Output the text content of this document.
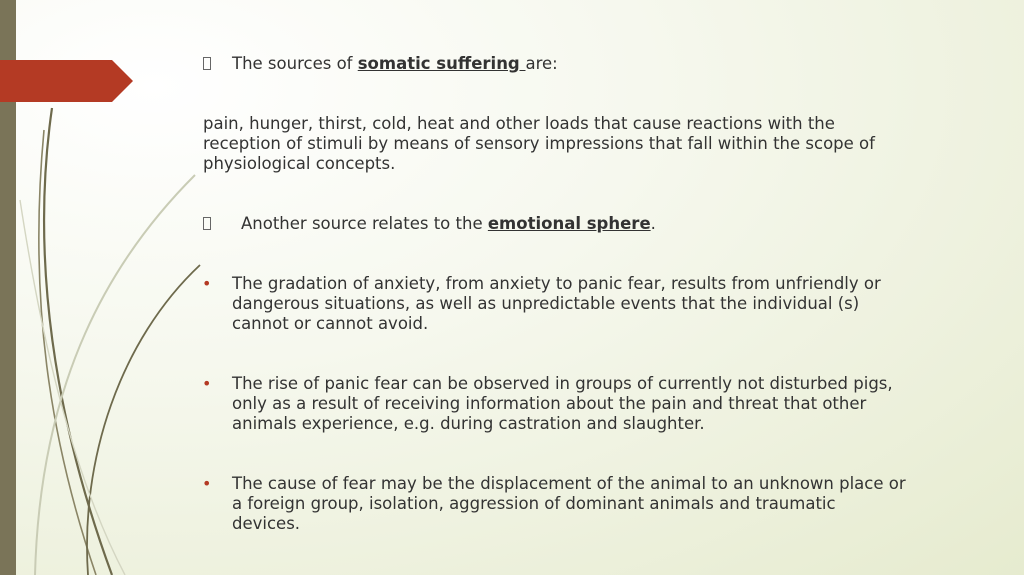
The sources of somatic suffering are:
pain, hunger, thirst, cold, heat and other loads that cause reactions with the
reception of stimuli by means of sensory impressions that fall within the scope of
physiological concepts.
Another source relates to the emotional sphere.
• The gradation of anxiety, from anxiety to panic fear, results from unfriendly or
dangerous situations, as well as unpredictable events that the individual (s)
cannot or cannot avoid.
• The rise of panic fear can be observed in groups of currently not disturbed pigs,
only as a result of receiving information about the pain and threat that other
animals experience, e.g. during castration and slaughter.
• The cause of fear may be the displacement of the animal to an unknown place or
a foreign group, isolation, aggression of dominant animals and traumatic
devices.
